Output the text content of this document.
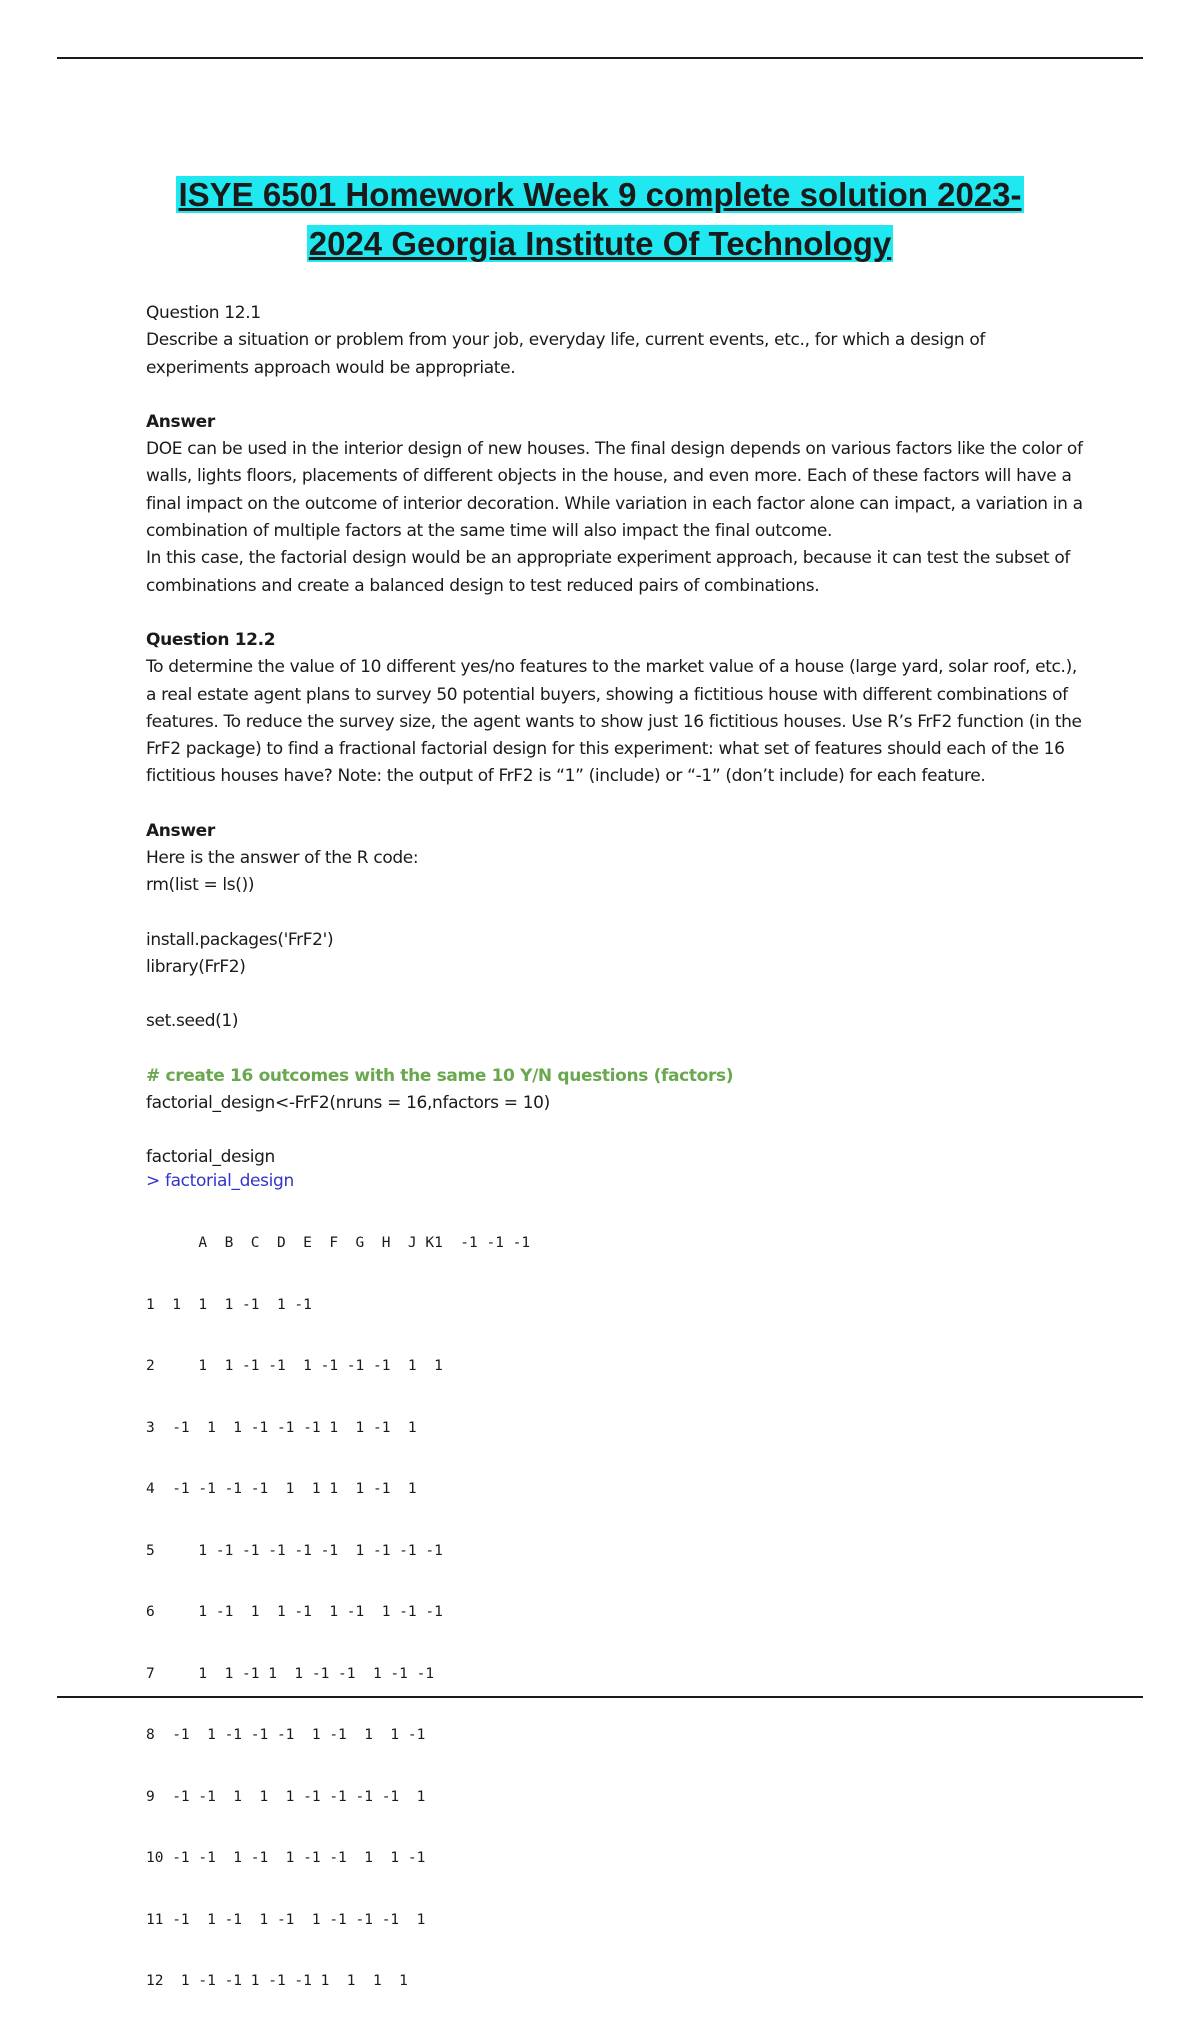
ISYE 6501 Homework Week 9 complete solution 2023-
2024 Georgia Institute Of Technology

Question 12.1

Describe a situation or problem from your job, everyday life, current events, etc., for which a design of experiments approach would be appropriate.

Answer

DOE can be used in the interior design of new houses. The final design depends on various factors like the color of walls, lights floors, placements of different objects in the house, and even more. Each of these factors will have a final impact on the outcome of interior decoration. While variation in each factor alone can impact, a variation in a combination of multiple factors at the same time will also impact the final outcome.

In this case, the factorial design would be an appropriate experiment approach, because it can test the subset of combinations and create a balanced design to test reduced pairs of combinations.

Question 12.2

To determine the value of 10 different yes/no features to the market value of a house (large yard, solar roof, etc.), a real estate agent plans to survey 50 potential buyers, showing a fictitious house with different combinations of features. To reduce the survey size, the agent wants to show just 16 fictitious houses. Use R’s FrF2 function (in the FrF2 package) to find a fractional factorial design for this experiment: what set of features should each of the 16 fictitious houses have? Note: the output of FrF2 is “1” (include) or “-1” (don’t include) for each feature.

Answer

Here is the answer of the R code:

rm(list = ls())

install.packages('FrF2')

library(FrF2)

set.seed(1)

# create 16 outcomes with the same 10 Y/N questions (factors)

factorial_design<-FrF2(nruns = 16,nfactors = 10)

factorial_design

> factorial_design

A  B  C  D  E  F  G  H  J K1  -1 -1 -1

1  1  1  1 -1  1 -1

2     1  1 -1 -1  1 -1 -1 -1  1  1

3  -1  1  1 -1 -1 -1 1  1 -1  1

4  -1 -1 -1 -1  1  1 1  1 -1  1

5     1 -1 -1 -1 -1 -1  1 -1 -1 -1

6     1 -1  1  1 -1  1 -1  1 -1 -1

7     1  1 -1 1  1 -1 -1  1 -1 -1

8  -1  1 -1 -1 -1  1 -1  1  1 -1

9  -1 -1  1  1  1 -1 -1 -1 -1  1

10 -1 -1  1 -1  1 -1 -1  1  1 -1

11 -1  1 -1  1 -1  1 -1 -1 -1  1

12  1 -1 -1 1 -1 -1 1  1  1  1
